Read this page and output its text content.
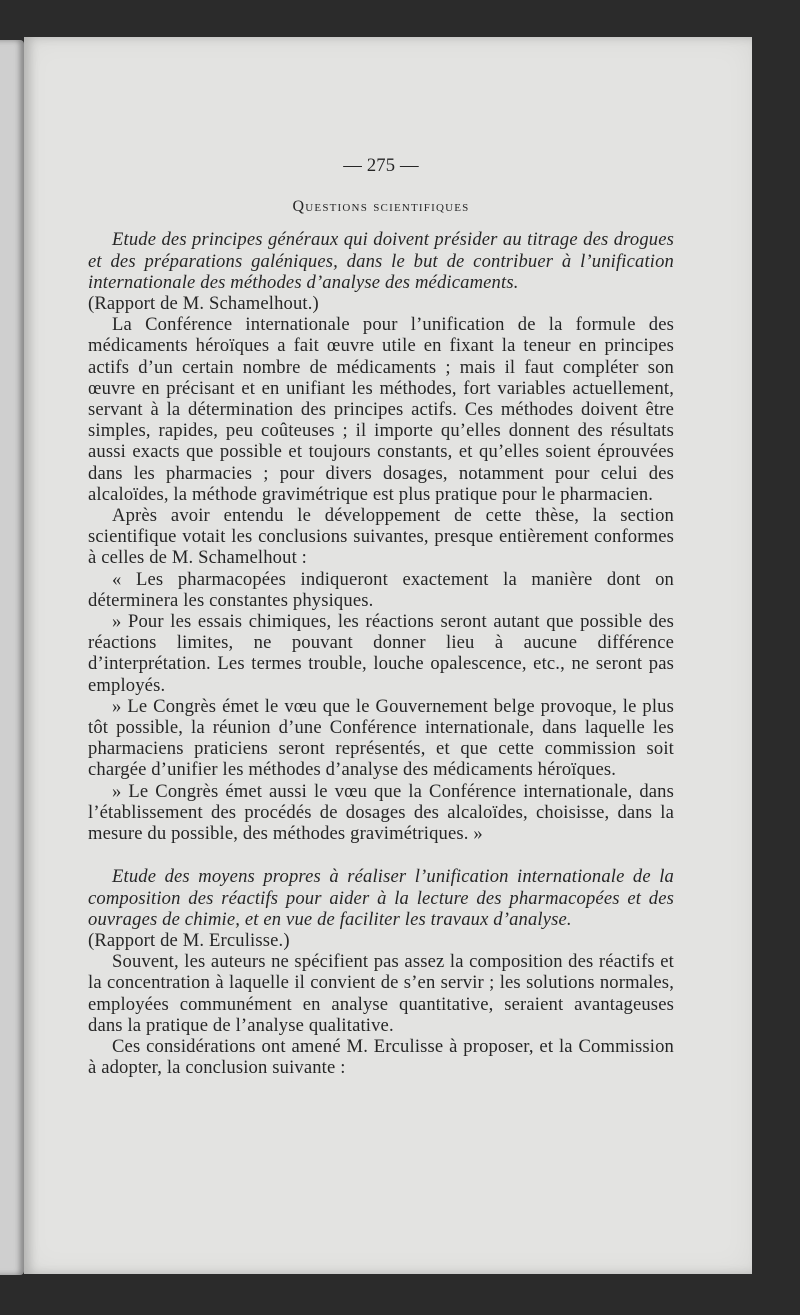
— 275 —
Questions scientifiques

Etude des principes généraux qui doivent présider au titrage des drogues et des préparations galéniques, dans le but de contribuer à l’unification internationale des méthodes d’analyse des médicaments.

(Rapport de M. Schamelhout.)

La Conférence internationale pour l’unification de la formule des médicaments héroïques a fait œuvre utile en fixant la teneur en principes actifs d’un certain nombre de médicaments ; mais il faut compléter son œuvre en précisant et en unifiant les méthodes, fort variables actuellement, servant à la détermination des principes actifs. Ces méthodes doivent être simples, rapides, peu coûteuses ; il importe qu’elles donnent des résultats aussi exacts que possible et toujours constants, et qu’elles soient éprouvées dans les pharmacies ; pour divers dosages, notamment pour celui des alcaloïdes, la méthode gravimétrique est plus pratique pour le pharmacien.

Après avoir entendu le développement de cette thèse, la section scientifique votait les conclusions suivantes, presque entièrement conformes à celles de M. Schamelhout :

« Les pharmacopées indiqueront exactement la manière dont on déterminera les constantes physiques.

» Pour les essais chimiques, les réactions seront autant que possible des réactions limites, ne pouvant donner lieu à aucune différence d’interprétation. Les termes trouble, louche opalescence, etc., ne seront pas employés.

» Le Congrès émet le vœu que le Gouvernement belge provoque, le plus tôt possible, la réunion d’une Conférence internationale, dans laquelle les pharmaciens praticiens seront représentés, et que cette commission soit chargée d’unifier les méthodes d’analyse des médicaments héroïques.

» Le Congrès émet aussi le vœu que la Conférence internationale, dans l’établissement des procédés de dosages des alcaloïdes, choisisse, dans la mesure du possible, des méthodes gravimétriques. »

Etude des moyens propres à réaliser l’unification internationale de la composition des réactifs pour aider à la lecture des pharmacopées et des ouvrages de chimie, et en vue de faciliter les travaux d’analyse.

(Rapport de M. Erculisse.)

Souvent, les auteurs ne spécifient pas assez la composition des réactifs et la concentration à laquelle il convient de s’en servir ; les solutions normales, employées communément en analyse quantitative, seraient avantageuses dans la pratique de l’analyse qualitative.

Ces considérations ont amené M. Erculisse à proposer, et la Commission à adopter, la conclusion suivante :
